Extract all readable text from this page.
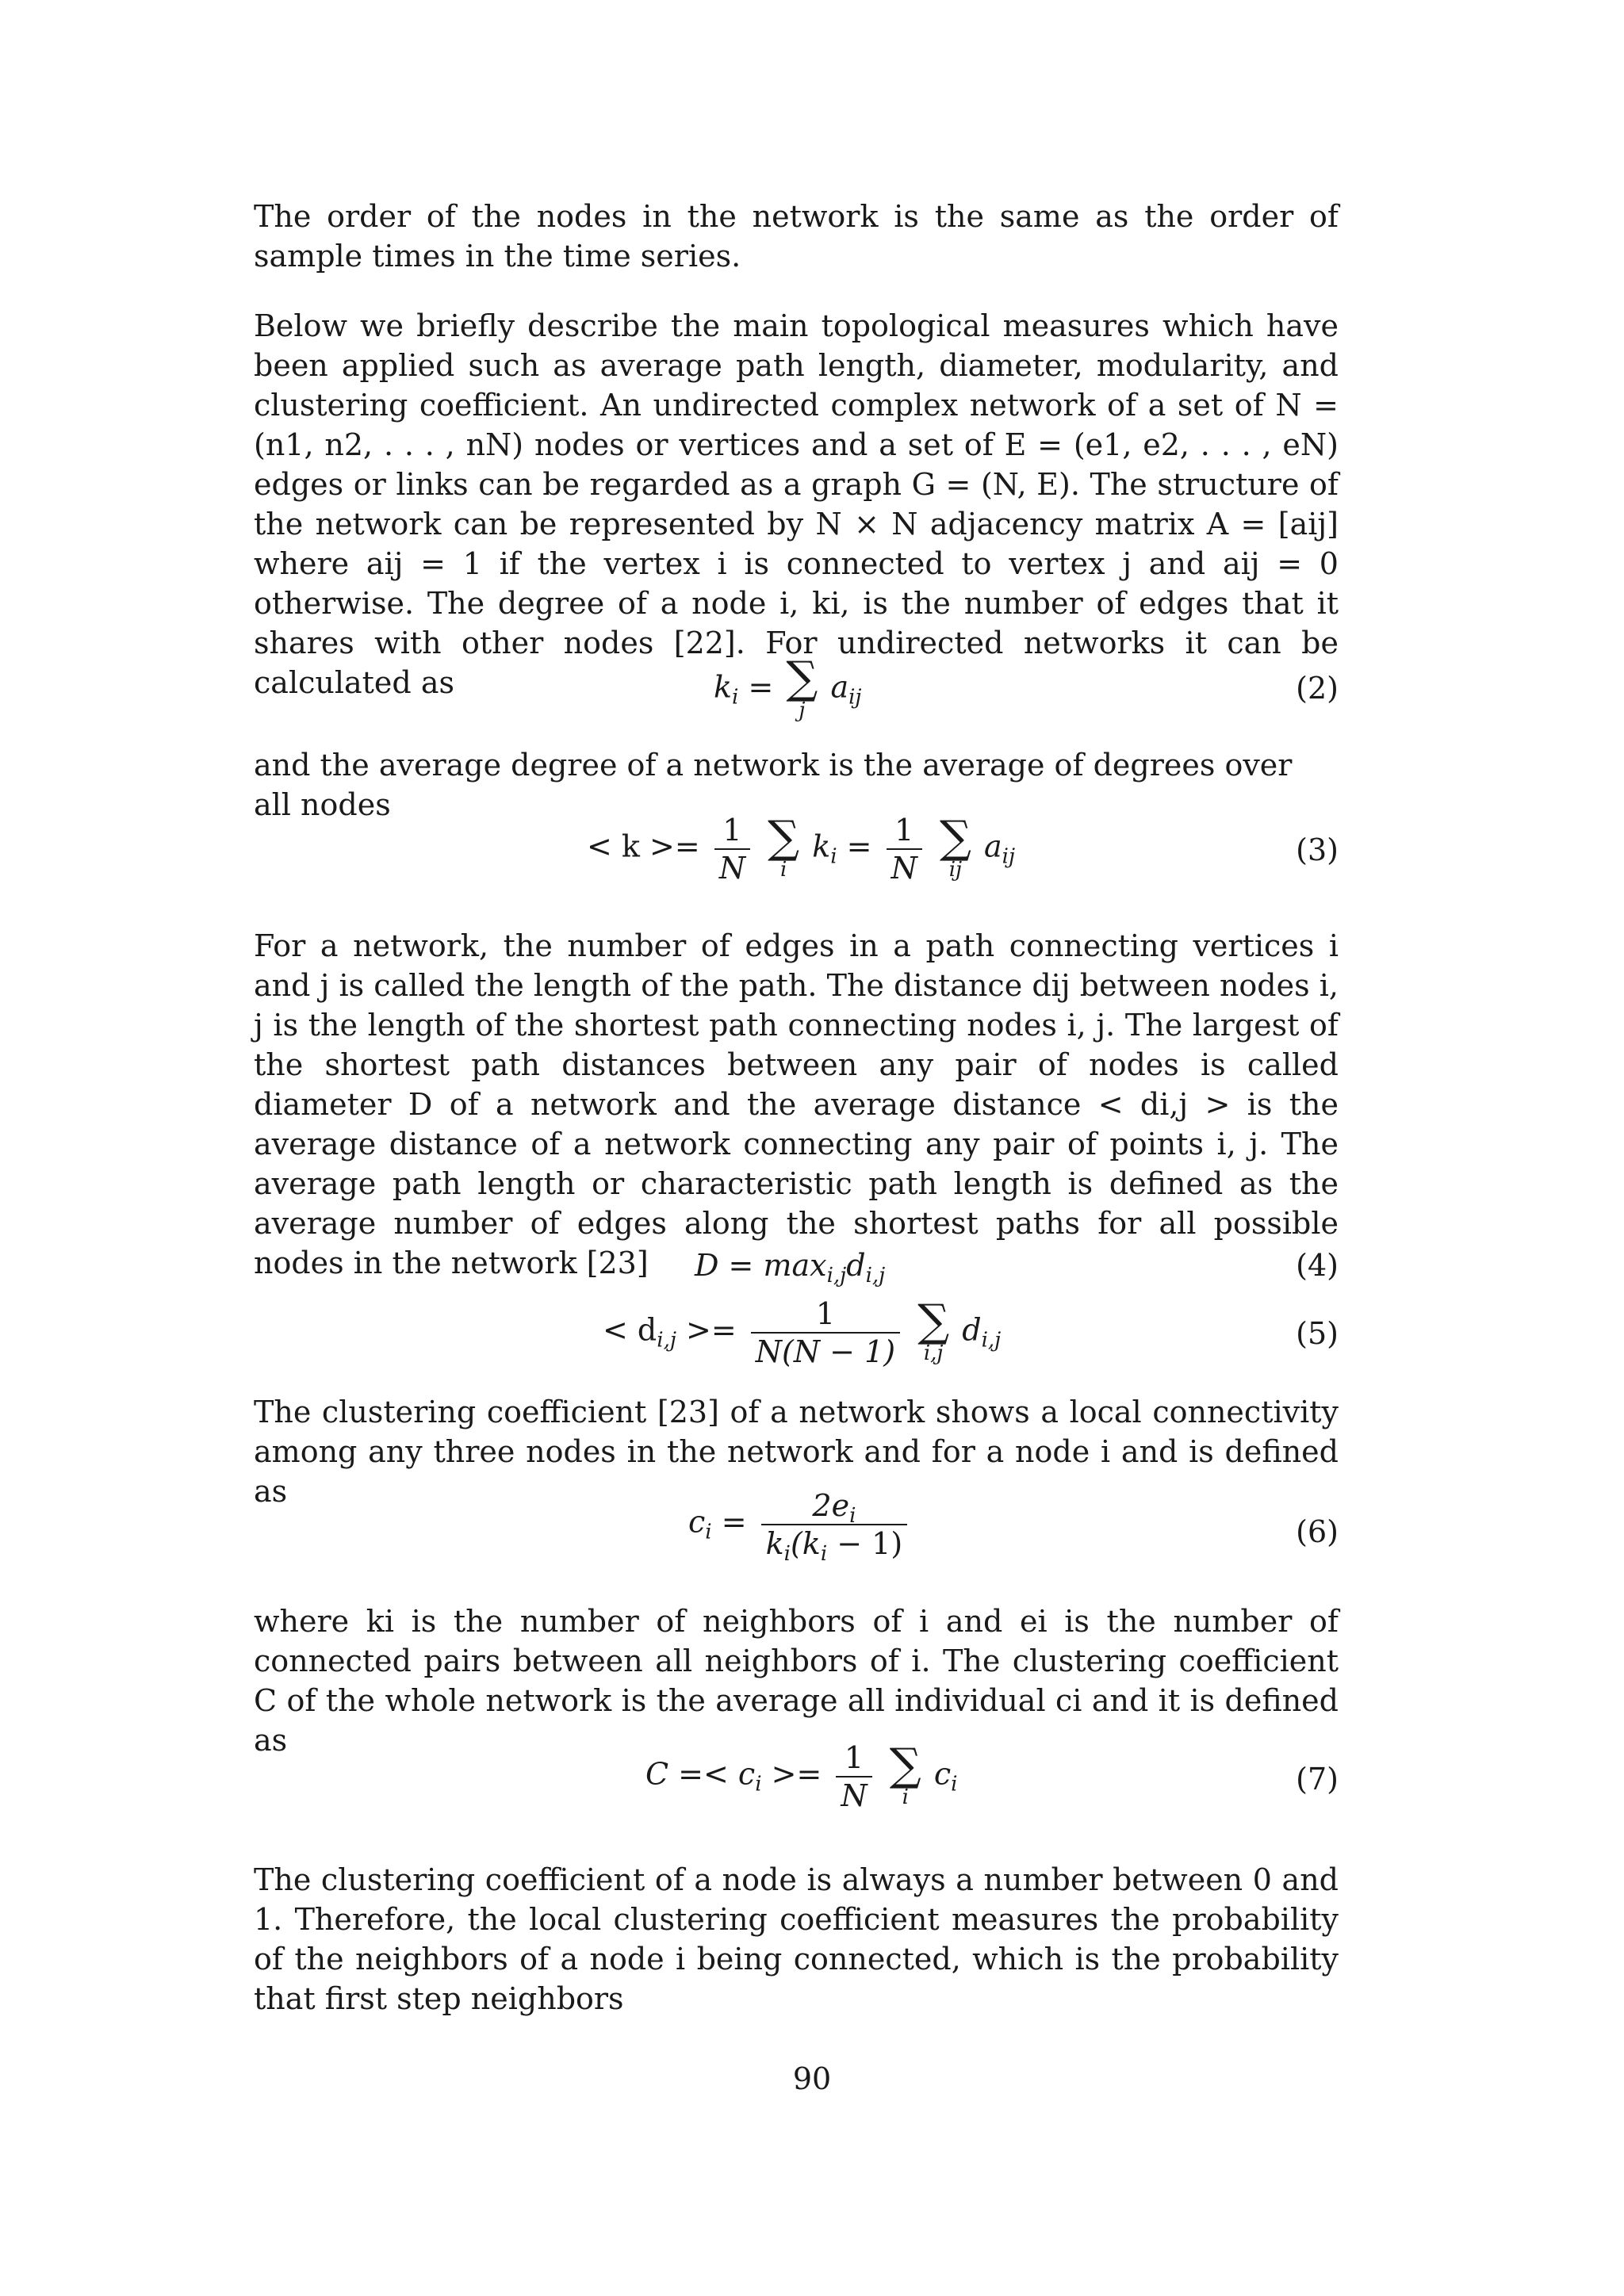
The order of the nodes in the network is the same as the order of sample times in the time series.

Below we briefly describe the main topological measures which have been applied such as average path length, diameter, modularity, and clustering coefficient. An undirected complex network of a set of N = (n1, n2, . . . , nN) nodes or vertices and a set of E = (e1, e2, . . . , eN) edges or links can be regarded as a graph G = (N, E). The structure of the network can be represented by N × N adjacency matrix A = [aij] where aij = 1 if the vertex i is connected to vertex j and aij = 0 otherwise. The degree of a node i, ki, is the number of edges that it shares with other nodes [22]. For undirected networks it can be calculated as	$k_i$ = ∑
j
$a_{ij}$	(2)

and the average degree of a network is the average of degrees over all nodes

< $k >= \frac{1}{N}$
∑
i
$k_i = \frac{1}{N}$
∑
ij
$a_{ij}$	(3)

For a network, the number of edges in a path connecting vertices i and j is called the length of the path. The distance dij between nodes i, j is the length of the shortest path connecting nodes i, j. The largest of the shortest path distances between any pair of nodes is called diameter D of a network and the average distance < di,j > is the average distance of a network connecting any pair of points i, j. The average path length or characteristic path length is defined as the average number of edges along the shortest paths for all possible nodes in the network [23]	$D = \max_{i,j}d_{i,j}$	(4)
< $d_{i,j} >= \frac{1}{N(N - 1)}$
∑
i,j
$d_{i,j}$	(5)

The clustering coefficient [23] of a network shows a local connectivity among any three nodes in the network and for a node i and is defined as

$c_i = \frac{2e_i}{k_i(k_i - 1)}$	(6)

where ki is the number of neighbors of i and ei is the number of connected pairs between all neighbors of i. The clustering coefficient C of the whole network is the average all individual ci and it is defined as

$C =< c_i >= \frac{1}{N}$
∑
i
$c_i$	(7)

The clustering coefficient of a node is always a number between 0 and 1. Therefore, the local clustering coefficient measures the probability of the neighbors of a node i being connected, which is the probability that first step neighbors

90
